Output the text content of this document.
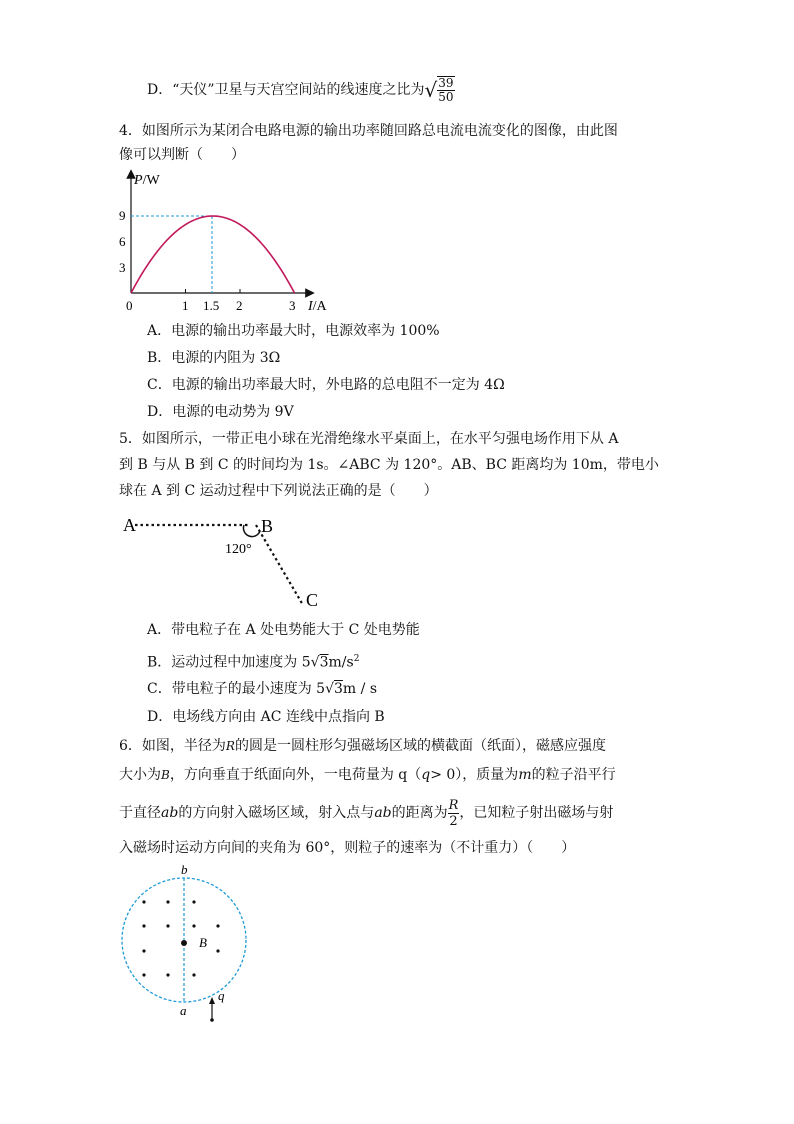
D．“天仪”卫星与天宫空间站的线速度之比为√ $\frac{39}{50}$
4．如图所示为某闭合电路电源的输出功率随回路总电流电流变化的图像，由此图
像可以判断（　　）
P/W
I/A
9
6
3
0	1 1.5 2	3
A．电源的输出功率最大时，电源效率为 100%
B．电源的内阻为 3Ω
C．电源的输出功率最大时，外电路的总电阻不一定为 4Ω
D．电源的电动势为 9V
5．如图所示，一带正电小球在光滑绝缘水平桌面上，在水平匀强电场作用下从 A
到 B 与从 B 到 C 的时间均为 1s。∠ABC 为 120°。AB、BC 距离均为 10m，带电小
球在 A 到 C 运动过程中下列说法正确的是（　　）
A	B
C
120°
A．带电粒子在 A 处电势能大于 C 处电势能
B．运动过程中加速度为 $5√3m/s^2$
C．带电粒子的最小速度为 5√3m / s
D．电场线方向由 AC 连线中点指向 B
6．如图，半径为R的圆是一圆柱形匀强磁场区域的横截面（纸面），磁感应强度
大小为B，方向垂直于纸面向外，一电荷量为 q（q> 0），质量为m的粒子沿平行
于直径ab的方向射入磁场区域，射入点与ab的距离为 $\frac{R}{2}$ ，已知粒子射出磁场与射
入磁场时运动方向间的夹角为 60°，则粒子的速率为（不计重力）（　　）
b
B
a
q
